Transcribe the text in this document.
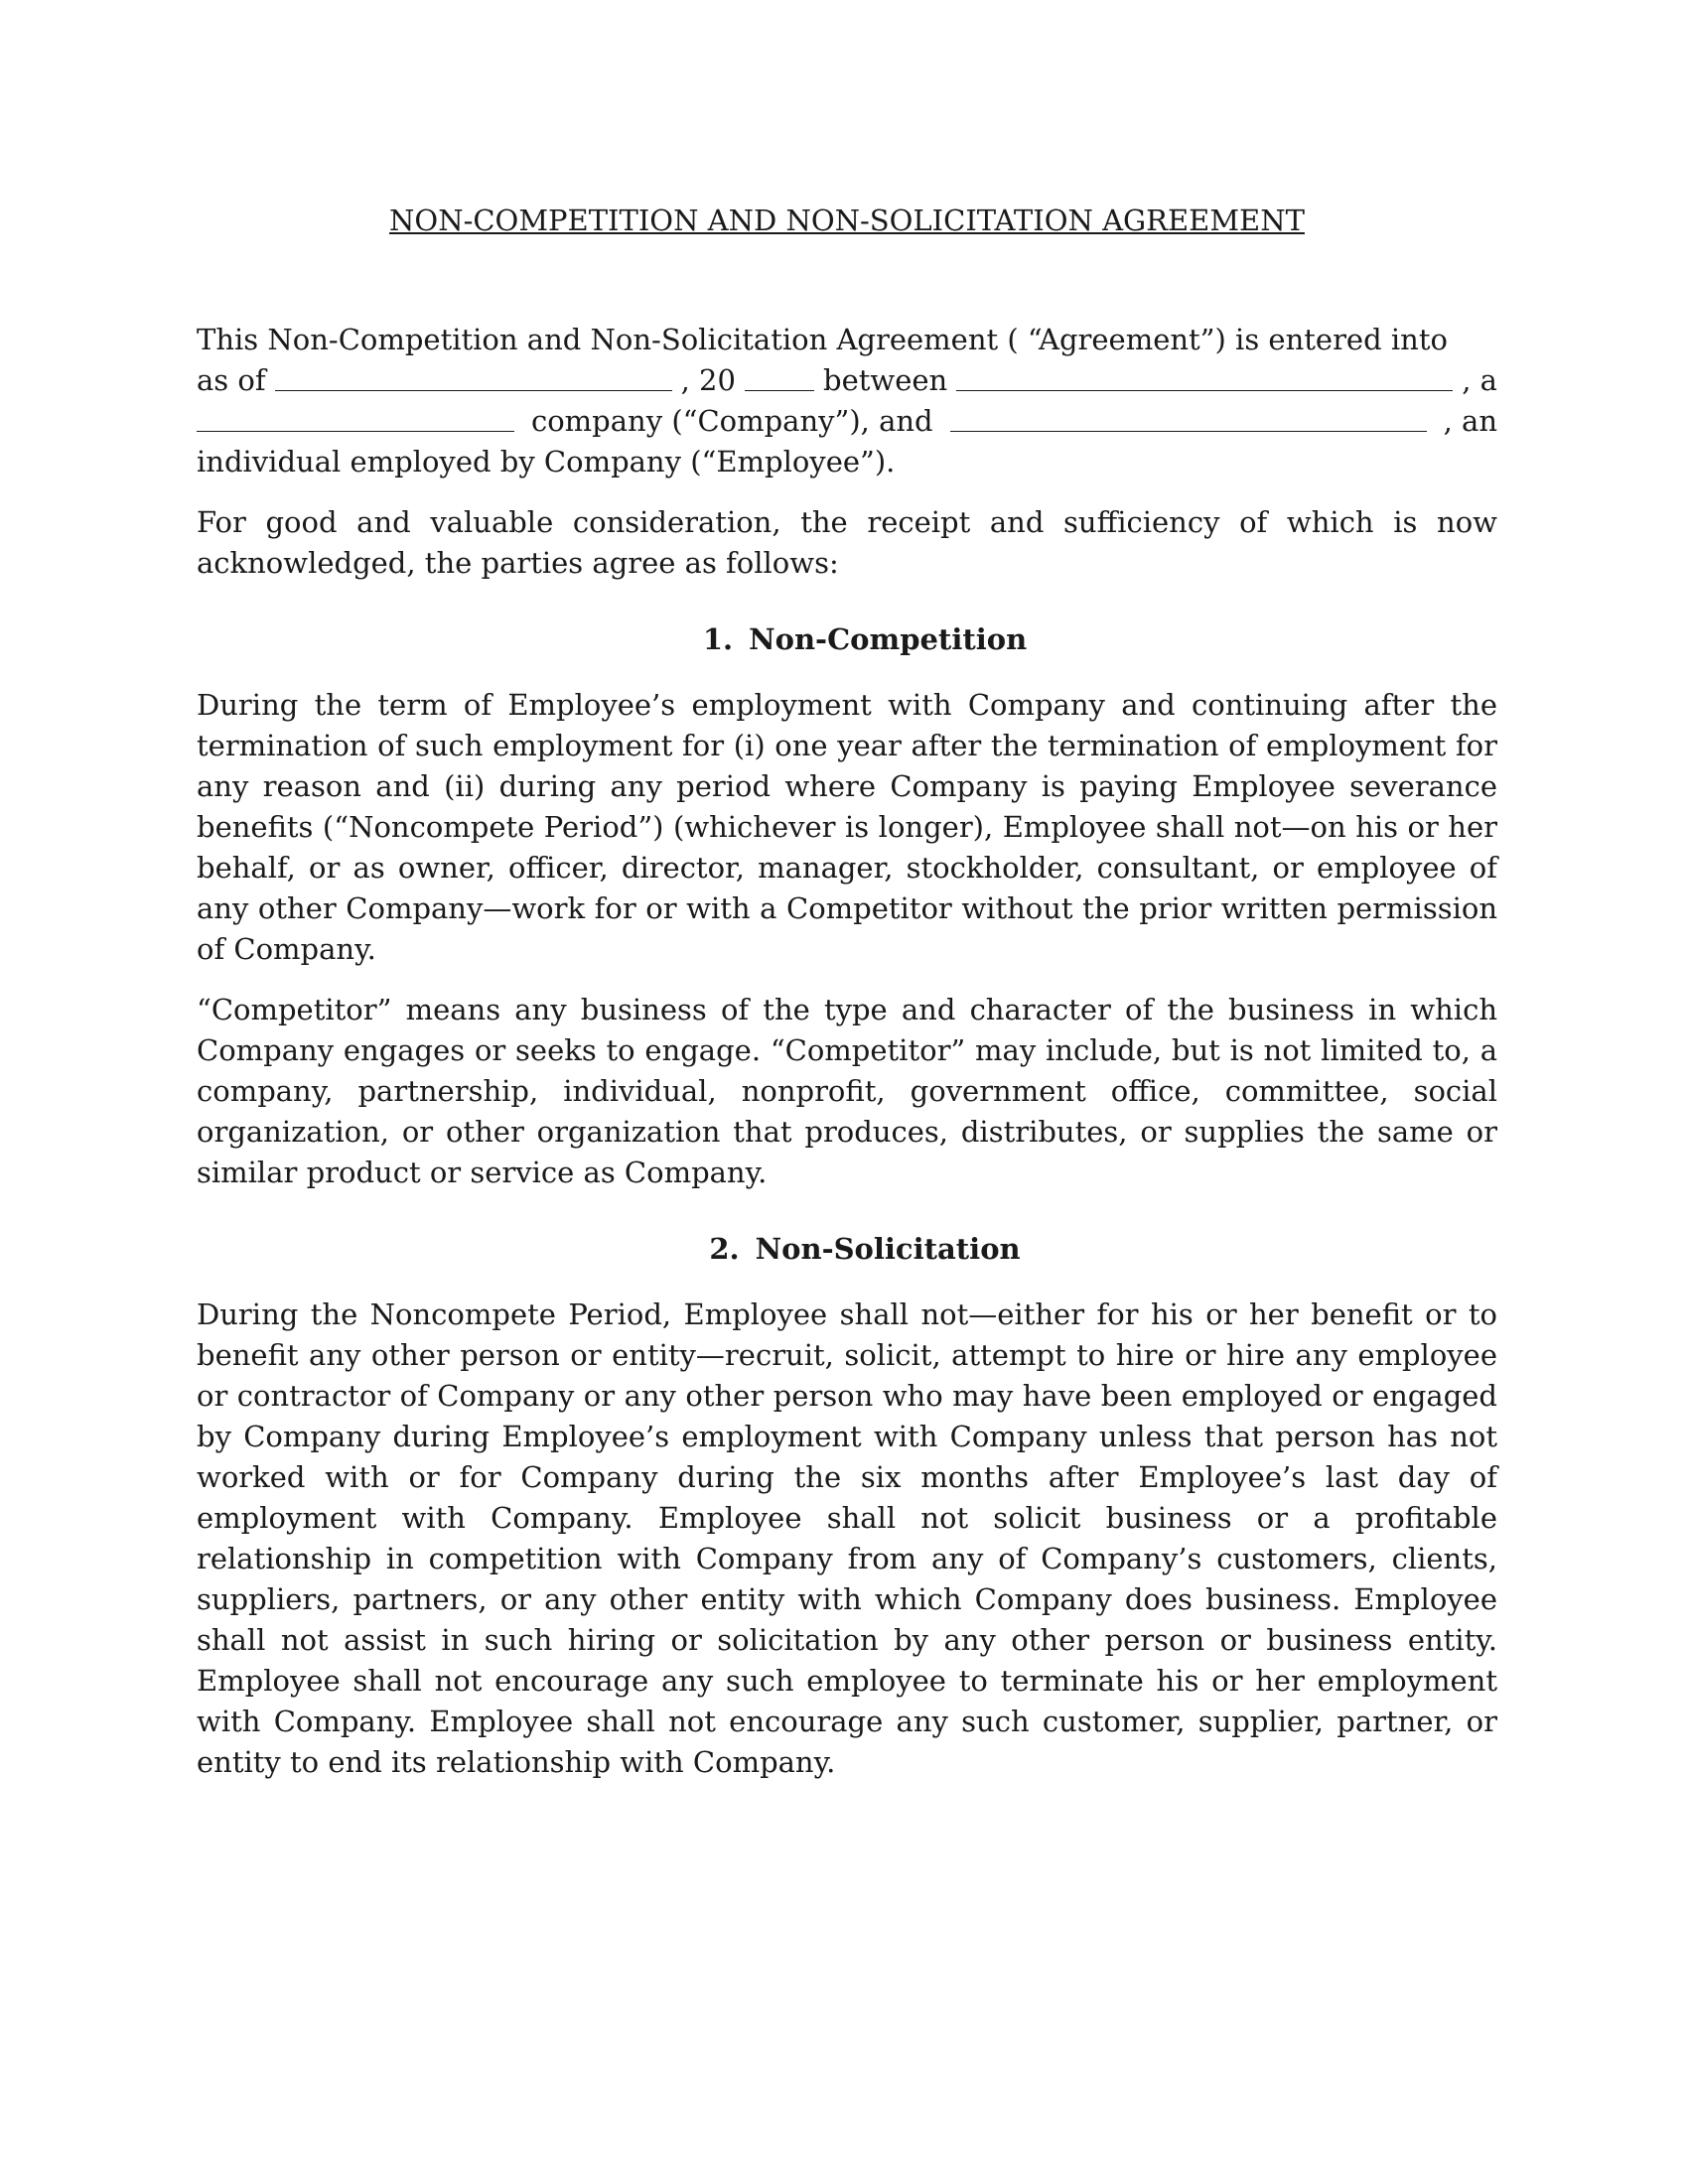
NON-COMPETITION AND NON-SOLICITATION AGREEMENT
This Non-Competition and Non-Solicitation Agreement ( “Agreement”) is entered into
as of	, 20	between	, a
company (“Company”), and	, an
individual employed by Company (“Employee”).

For good and valuable consideration, the receipt and sufficiency of which is now acknowledged, the parties agree as follows:

1. Non-Competition

During the term of Employee’s employment with Company and continuing after the termination of such employment for (i) one year after the termination of employment for any reason and (ii) during any period where Company is paying Employee severance benefits (“Noncompete Period”) (whichever is longer), Employee shall not—on his or her behalf, or as owner, officer, director, manager, stockholder, consultant, or employee of any other Company—work for or with a Competitor without the prior written permission of Company.

“Competitor” means any business of the type and character of the business in which Company engages or seeks to engage. “Competitor” may include, but is not limited to, a company, partnership, individual, nonprofit, government office, committee, social organization, or other organization that produces, distributes, or supplies the same or similar product or service as Company.

2. Non-Solicitation

During the Noncompete Period, Employee shall not—either for his or her benefit or to benefit any other person or entity—recruit, solicit, attempt to hire or hire any employee or contractor of Company or any other person who may have been employed or engaged by Company during Employee’s employment with Company unless that person has not worked with or for Company during the six months after Employee’s last day of employment with Company. Employee shall not solicit business or a profitable relationship in competition with Company from any of Company’s customers, clients, suppliers, partners, or any other entity with which Company does business. Employee shall not assist in such hiring or solicitation by any other person or business entity. Employee shall not encourage any such employee to terminate his or her employment with Company. Employee shall not encourage any such customer, supplier, partner, or entity to end its relationship with Company.
